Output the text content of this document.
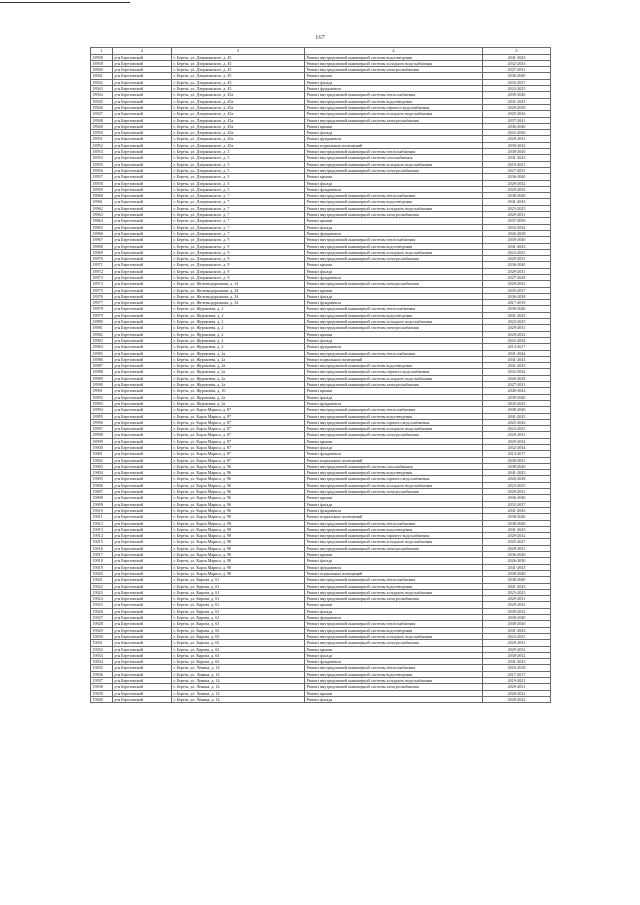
167
1	2	3	4	5
18938	р-н Березовский	г. Березь, ул. Дзержинского, д. 45	Ремонт внутридомовой инженерной системы водоотведения	2041-2043
18939	р-н Березовский	г. Березь, ул. Дзержинского, д. 45	Ремонт внутридомовой инженерной системы холодного водоснабжения	2032-2033
18940	р-н Березовский	г. Березь, ул. Дзержинского, д. 45	Ремонт внутридомовой инженерной системы электроснабжения	2027-2031
18941	р-н Березовский	г. Березь, ул. Дзержинского, д. 45	Ремонт крыши	2036-2040
18942	р-н Березовский	г. Березь, ул. Дзержинского, д. 45	Ремонт фасада	2033-2037
18943	р-н Березовский	г. Березь, ул. Дзержинского, д. 45	Ремонт фундамента	2022-2025
18944	р-н Березовский	г. Березь, ул. Дзержинского, д. 45а	Ремонт внутридомовой инженерной системы теплоснабжения	2039-2040
18945	р-н Березовский	г. Березь, ул. Дзержинского, д. 45а	Ремонт внутридомовой инженерной системы водоотведения	2041-2043
18946	р-н Березовский	г. Березь, ул. Дзержинского, д. 45а	Ремонт внутридомовой инженерной системы горячего водоснабжения	2029-2030
18947	р-н Березовский	г. Березь, ул. Дзержинского, д. 45а	Ремонт внутридомовой инженерной системы холодного водоснабжения	2025-2026
18948	р-н Березовский	г. Березь, ул. Дзержинского, д. 45а	Ремонт внутридомовой инженерной системы электроснабжения	2037-2041
18949	р-н Березовский	г. Березь, ул. Дзержинского, д. 45а	Ремонт крыши	2036-2040
18950	р-н Березовский	г. Березь, ул. Дзержинского, д. 45а	Ремонт фасада	2032-2036
18951	р-н Березовский	г. Березь, ул. Дзержинского, д. 45а	Ремонт фундамента	2029-2031
18952	р-н Березовский	г. Березь, ул. Дзержинского, д. 45а	Ремонт подвальных помещений	2030-2032
18953	р-н Березовский	г. Березь, ул. Дзержинского, д. 5	Ремонт внутридомовой инженерной системы теплоснабжения	2038-2040
18954	р-н Березовский	г. Березь, ул. Дзержинского, д. 5	Ремонт внутридомовой инженерной системы газоснабжения	2041-2043
18955	р-н Березовский	г. Березь, ул. Дзержинского, д. 5	Ремонт внутридомовой инженерной системы холодного водоснабжения	2019-2021
18956	р-н Березовский	г. Березь, ул. Дзержинского, д. 5	Ремонт внутридомовой инженерной системы электроснабжения	2027-2031
18957	р-н Березовский	г. Березь, ул. Дзержинского, д. 5	Ремонт крыши	2036-2040
18958	р-н Березовский	г. Березь, ул. Дзержинского, д. 5	Ремонт фасада	2029-2032
18959	р-н Березовский	г. Березь, ул. Дзержинского, д. 5	Ремонт фундамента	2029-2030
18960	р-н Березовский	г. Березь, ул. Дзержинского, д. 7	Ремонт внутридомовой инженерной системы теплоснабжения	2038-2040
18961	р-н Березовский	г. Березь, ул. Дзержинского, д. 7	Ремонт внутридомовой инженерной системы водоотведения	2041-2043
18962	р-н Березовский	г. Березь, ул. Дзержинского, д. 7	Ремонт внутридомовой инженерной системы холодного водоснабжения	2023-2025
18963	р-н Березовский	г. Березь, ул. Дзержинского, д. 7	Ремонт внутридомовой инженерной системы электроснабжения	2029-2031
18964	р-н Березовский	г. Березь, ул. Дзержинского, д. 7	Ремонт крыши	2037-2039
18965	р-н Березовский	г. Березь, ул. Дзержинского, д. 7	Ремонт фасада	2032-2034
18966	р-н Березовский	г. Березь, ул. Дзержинского, д. 7	Ремонт фундамента	2026-2028
18967	р-н Березовский	г. Березь, ул. Дзержинского, д. 9	Ремонт внутридомовой инженерной системы теплоснабжения	2039-2040
18968	р-н Березовский	г. Березь, ул. Дзержинского, д. 9	Ремонт внутридомовой инженерной системы водоотведения	2041-2043
18969	р-н Березовский	г. Березь, ул. Дзержинского, д. 9	Ремонт внутридомовой инженерной системы холодного водоснабжения	2023-2025
18970	р-н Березовский	г. Березь, ул. Дзержинского, д. 9	Ремонт внутридомовой инженерной системы электроснабжения	2029-2031
18971	р-н Березовский	г. Березь, ул. Дзержинского, д. 9	Ремонт крыши	2036-2040
18972	р-н Березовский	г. Березь, ул. Дзержинского, д. 9	Ремонт фасада	2029-2031
18973	р-н Березовский	г. Березь, ул. Дзержинского, д. 9	Ремонт фундамента	2027-2028
18974	р-н Березовский	г. Березь, ул. Железнодорожная, д. 34	Ремонт внутридомовой инженерной системы электроснабжения	2029-2033
18975	р-н Березовский	г. Березь, ул. Железнодорожная, д. 34	Ремонт крыши	2035-2037
18976	р-н Березовский	г. Березь, ул. Железнодорожная, д. 34	Ремонт фасада	2036-2038
18977	р-н Березовский	г. Березь, ул. Железнодорожная, д. 34	Ремонт фундамента	2017-2019
18978	р-н Березовский	г. Березь, ул. Журавлева, д. 2	Ремонт внутридомовой инженерной системы теплоснабжения	2039-2040
18979	р-н Березовский	г. Березь, ул. Журавлева, д. 2	Ремонт внутридомовой инженерной системы водоотведения	2041-2043
18980	р-н Березовский	г. Березь, ул. Журавлева, д. 2	Ремонт внутридомовой инженерной системы холодного водоснабжения	2023-2025
18981	р-н Березовский	г. Березь, ул. Журавлева, д. 2	Ремонт внутридомовой инженерной системы электроснабжения	2029-2031
18982	р-н Березовский	г. Березь, ул. Журавлева, д. 2	Ремонт крыши	2029-2032
18983	р-н Березовский	г. Березь, ул. Журавлева, д. 2	Ремонт фасада	2032-2034
18984	р-н Березовский	г. Березь, ул. Журавлева, д. 2	Ремонт фундамента	2014-2017
18985	р-н Березовский	г. Березь, ул. Журавлева, д. 2а	Ремонт внутридомовой инженерной системы теплоснабжения	2041-2044
18986	р-н Березовский	г. Березь, ул. Журавлева, д. 2а	Ремонт подвальных помещений	2041-2043
18987	р-н Березовский	г. Березь, ул. Журавлева, д. 2а	Ремонт внутридомовой инженерной системы водоотведения	2041-2043
18988	р-н Березовский	г. Березь, ул. Журавлева, д. 2а	Ремонт внутридомовой инженерной системы горячего водоснабжения	2032-2034
18989	р-н Березовский	г. Березь, ул. Журавлева, д. 2а	Ремонт внутридомовой инженерной системы холодного водоснабжения	2026-2028
18990	р-н Березовский	г. Березь, ул. Журавлева, д. 2а	Ремонт внутридомовой инженерной системы электроснабжения	2027-2031
18991	р-н Березовский	г. Березь, ул. Журавлева, д. 10	Ремонт крыши	2040-2043
18992	р-н Березовский	г. Березь, ул. Журавлева, д. 2а	Ремонт фасада	2039-2040
18993	р-н Березовский	г. Березь, ул. Журавлева, д. 2а	Ремонт фундамента	2043-2043
18994	р-н Березовский	г. Березь, ул. Карла Маркса, д. 87	Ремонт внутридомовой инженерной системы теплоснабжения	2038-2040
18995	р-н Березовский	г. Березь, ул. Карла Маркса, д. 87	Ремонт внутридомовой инженерной системы водоотведения	2041-2043
18996	р-н Березовский	г. Березь, ул. Карла Маркса, д. 87	Ремонт внутридомовой инженерной системы горячего водоснабжения	2025-2026
18997	р-н Березовский	г. Березь, ул. Карла Маркса, д. 87	Ремонт внутридомовой инженерной системы холодного водоснабжения	2023-2025
18998	р-н Березовский	г. Березь, ул. Карла Маркса, д. 87	Ремонт внутридомовой инженерной системы электроснабжения	2029-2031
18999	р-н Березовский	г. Березь, ул. Карла Маркса, д. 87	Ремонт крыши	2029-2032
19000	р-н Березовский	г. Березь, ул. Карла Маркса, д. 87	Ремонт фасада	2032-2034
19001	р-н Березовский	г. Березь, ул. Карла Маркса, д. 87	Ремонт фундамента	2014-2017
19002	р-н Березовский	г. Березь, ул. Карла Маркса, д. 87	Ремонт подвальных помещений	2030-2031
19003	р-н Березовский	г. Березь, ул. Карла Маркса, д. 96	Ремонт внутридомовой инженерной системы газоснабжения	2038-2040
19004	р-н Березовский	г. Березь, ул. Карла Маркса, д. 96	Ремонт внутридомовой инженерной системы водоотведения	2041-2043
19005	р-н Березовский	г. Березь, ул. Карла Маркса, д. 96	Ремонт внутридомовой инженерной системы горячего водоснабжения	2026-2028
19006	р-н Березовский	г. Березь, ул. Карла Маркса, д. 96	Ремонт внутридомовой инженерной системы холодного водоснабжения	2023-2025
19007	р-н Березовский	г. Березь, ул. Карла Маркса, д. 96	Ремонт внутридомовой инженерной системы электроснабжения	2029-2031
19008	р-н Березовский	г. Березь, ул. Карла Маркса, д. 96	Ремонт крыши	2036-2040
19009	р-н Березовский	г. Березь, ул. Карла Маркса, д. 96	Ремонт фасада	2032-2037
19010	р-н Березовский	г. Березь, ул. Карла Маркса, д. 96	Ремонт фундамента	2041-2043
19011	р-н Березовский	г. Березь, ул. Карла Маркса, д. 98	Ремонт подвальных помещений	2038-2040
19012	р-н Березовский	г. Березь, ул. Карла Маркса, д. 98	Ремонт внутридомовой инженерной системы теплоснабжения	2038-2040
19013	р-н Березовский	г. Березь, ул. Карла Маркса, д. 98	Ремонт внутридомовой инженерной системы водоотведения	2041-2043
19014	р-н Березовский	г. Березь, ул. Карла Маркса, д. 98	Ремонт внутридомовой инженерной системы горячего водоснабжения	2029-2032
19015	р-н Березовский	г. Березь, ул. Карла Маркса, д. 98	Ремонт внутридомовой инженерной системы холодного водоснабжения	2025-2027
19016	р-н Березовский	г. Березь, ул. Карла Маркса, д. 98	Ремонт внутридомовой инженерной системы электроснабжения	2029-2031
19017	р-н Березовский	г. Березь, ул. Карла Маркса, д. 98	Ремонт крыши	2036-2040
19018	р-н Березовский	г. Березь, ул. Карла Маркса, д. 98	Ремонт фасада	2026-2030
19019	р-н Березовский	г. Березь, ул. Карла Маркса, д. 98	Ремонт фундамента	2041-2043
19020	р-н Березовский	г. Березь, ул. Карла Маркса, д. 98	Ремонт подвальных помещений	2038-2040
19021	р-н Березовский	г. Березь, ул. Кирова, д. 61	Ремонт внутридомовой инженерной системы теплоснабжения	2038-2040
19022	р-н Березовский	г. Березь, ул. Кирова, д. 61	Ремонт внутридомовой инженерной системы водоотведения	2041-2043
19023	р-н Березовский	г. Березь, ул. Кирова, д. 61	Ремонт внутридомовой инженерной системы холодного водоснабжения	2023-2025
19024	р-н Березовский	г. Березь, ул. Кирова, д. 61	Ремонт внутридомовой инженерной системы электроснабжения	2029-2031
19025	р-н Березовский	г. Березь, ул. Кирова, д. 61	Ремонт крыши	2029-2032
19026	р-н Березовский	г. Березь, ул. Кирова, д. 61	Ремонт фасада	2030-2032
19027	р-н Березовский	г. Березь, ул. Кирова, д. 61	Ремонт фундамента	2038-2040
19028	р-н Березовский	г. Березь, ул. Кирова, д. 63	Ремонт внутридомовой инженерной системы теплоснабжения	2038-2040
19029	р-н Березовский	г. Березь, ул. Кирова, д. 63	Ремонт внутридомовой инженерной системы водоотведения	2041-2043
19030	р-н Березовский	г. Березь, ул. Кирова, д. 63	Ремонт внутридомовой инженерной системы холодного водоснабжения	2023-2025
19031	р-н Березовский	г. Березь, ул. Кирова, д. 63	Ремонт внутридомовой инженерной системы электроснабжения	2029-2031
19032	р-н Березовский	г. Березь, ул. Кирова, д. 63	Ремонт крыши	2029-2032
19033	р-н Березовский	г. Березь, ул. Кирова, д. 63	Ремонт фасада	2030-2032
19034	р-н Березовский	г. Березь, ул. Кирова, д. 63	Ремонт фундамента	2041-2043
19035	р-н Березовский	г. Березь, ул. Ленина, д. 14	Ремонт внутридомовой инженерной системы теплоснабжения	2016-2018
19036	р-н Березовский	г. Березь, ул. Ленина, д. 14	Ремонт внутридомовой инженерной системы водоотведения	2017-2017
19037	р-н Березовский	г. Березь, ул. Ленина, д. 14	Ремонт внутридомовой инженерной системы холодного водоснабжения	2019-2021
19038	р-н Березовский	г. Березь, ул. Ленина, д. 14	Ремонт внутридомовой инженерной системы электроснабжения	2029-2031
19039	р-н Березовский	г. Березь, ул. Ленина, д. 14	Ремонт крыши	2020-2022
19040	р-н Березовский	г. Березь, ул. Ленина, д. 14	Ремонт фасада	2020-2022
